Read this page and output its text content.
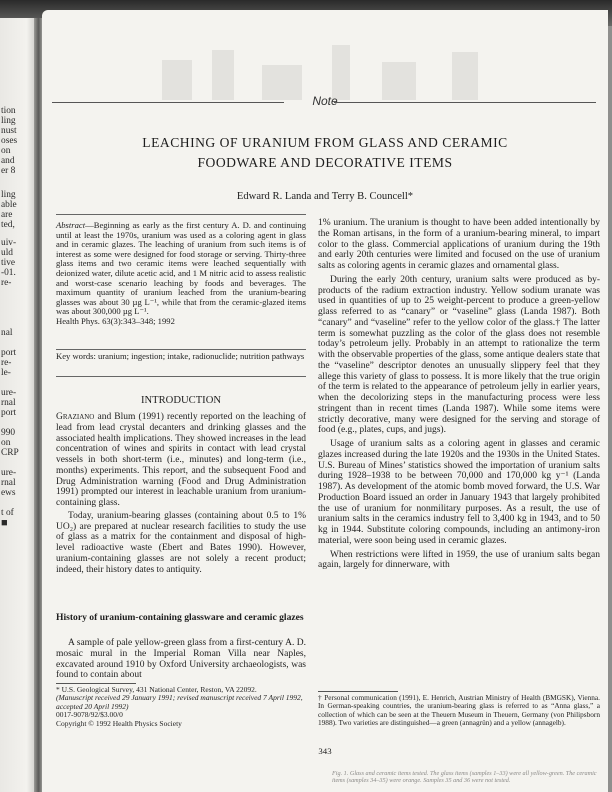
tion
ling
nust
oses
on
and
er 8
ling
able
are
ted,
uiv-
uld
tive
-01.
re-
nal
port
re-
le-
ure-
rnal
port
990
on
CRP
ure-
rnal
ews
t of
■
Note
LEACHING OF URANIUM FROM GLASS AND CERAMIC
FOODWARE AND DECORATIVE ITEMS
Edward R. Landa and Terry B. Councell*
Abstract—Beginning as early as the first century A. D. and continuing until at least the 1970s, uranium was used as a coloring agent in glass and in ceramic glazes. The leaching of uranium from such items is of interest as some were designed for food storage or serving. Thirty-three glass items and two ceramic items were leached sequentially with deionized water, dilute acetic acid, and 1 M nitric acid to assess realistic and worst-case scenario leaching by foods and beverages. The maximum quantity of uranium leached from the uranium-bearing glasses was about 30 µg L⁻¹, while that from the ceramic-glazed items was about 300,000 µg L⁻¹.
Health Phys. 63(3):343–348; 1992
Key words: uranium; ingestion; intake, radionuclide; nutrition pathways
INTRODUCTION

Graziano and Blum (1991) recently reported on the leaching of lead from lead crystal decanters and drinking glasses and the associated health implications. They showed increases in the lead concentration of wines and spirits in contact with lead crystal vessels in both short-term (i.e., minutes) and long-term (i.e., months) experiments. This report, and the subsequent Food and Drug Administration warning (Food and Drug Administration 1991) prompted our interest in leachable uranium from uranium-containing glass.

Today, uranium-bearing glasses (containing about 0.5 to 1% UO₂) are prepared at nuclear research facilities to study the use of glass as a matrix for the containment and disposal of high-level radioactive waste (Ebert and Bates 1990). However, uranium-containing glasses are not solely a recent product; indeed, their history dates to antiquity.

History of uranium-containing glassware and ceramic glazes

A sample of pale yellow-green glass from a first-century A. D. mosaic mural in the Imperial Roman Villa near Naples, excavated around 1910 by Oxford University archaeologists, was found to contain about

* U.S. Geological Survey, 431 National Center, Reston, VA 22092.
(Manuscript received 29 January 1991; revised manuscript received 7 April 1992, accepted 20 April 1992)
0017-9078/92/$3.00/0
Copyright © 1992 Health Physics Society

1% uranium. The uranium is thought to have been added intentionally by the Roman artisans, in the form of a uranium-bearing mineral, to impart color to the glass. Commercial applications of uranium during the 19th and early 20th centuries were limited and focused on the use of uranium salts as coloring agents in ceramic glazes and ornamental glass.

During the early 20th century, uranium salts were produced as by-products of the radium extraction industry. Yellow sodium uranate was used in quantities of up to 25 weight-percent to produce a green-yellow glass referred to as “canary” or “vaseline” glass (Landa 1987). Both “canary” and “vaseline” refer to the yellow color of the glass.† The latter term is somewhat puzzling as the color of the glass does not resemble today’s petroleum jelly. Probably in an attempt to rationalize the term with the observable properties of the glass, some antique dealers state that the “vaseline” descriptor denotes an unusually slippery feel that they allege this variety of glass to possess. It is more likely that the true origin of the term is related to the appearance of petroleum jelly in earlier years, when the decolorizing steps in the manufacturing process were less stringent than in recent times (Landa 1987). While some items were strictly decorative, many were designed for the serving and storage of food (e.g., plates, cups, and jugs).

Usage of uranium salts as a coloring agent in glasses and ceramic glazes increased during the late 1920s and the 1930s in the United States. U.S. Bureau of Mines’ statistics showed the importation of uranium salts during 1928–1938 to be between 70,000 and 170,000 kg y⁻¹ (Landa 1987). As development of the atomic bomb moved forward, the U.S. War Production Board issued an order in January 1943 that largely prohibited the use of uranium for nonmilitary purposes. As a result, the use of uranium salts in the ceramics industry fell to 3,400 kg in 1943, and to 50 kg in 1944. Substitute coloring compounds, including an antimony-iron material, were soon being used in ceramic glazes.

When restrictions were lifted in 1959, the use of uranium salts began again, largely for dinnerware, with

† Personal communication (1991), E. Henrich, Austrian Ministry of Health (BMGSK), Vienna. In German-speaking countries, the uranium-bearing glass is referred to as “Anna glass,” a collection of which can be seen at the Theuern Museum in Theuern, Germany (von Philipsborn 1988). Two varieties are distinguished—a green (annagrün) and a yellow (annagelb).
343
Fig. 1. Glass and ceramic items tested. The glass items (samples 1–33) were all yellow-green. The ceramic items (samples 34–35) were orange. Samples 35 and 36 were not tested.
